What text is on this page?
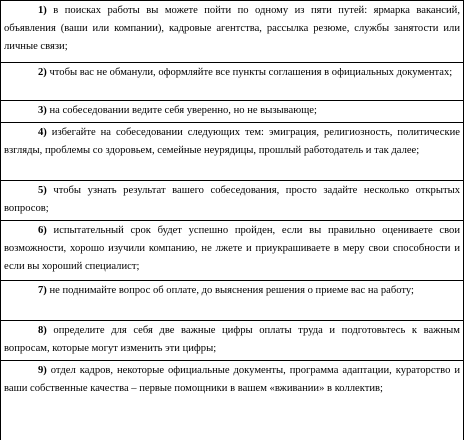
1) в поисках работы вы можете пойти по одному из пяти путей: ярмарка вакансий, объявления (ваши или компании), кадровые агентства, рассылка резюме, службы занятости или личные связи;
2) чтобы вас не обманули, оформляйте все пункты соглашения в официальных документах;
3) на собеседовании ведите себя уверенно, но не вызывающе;
4) избегайте на собеседовании следующих тем: эмиграция, религиозность, политические взгляды, проблемы со здоровьем, семейные неурядицы, прошлый работодатель и так далее;
5) чтобы узнать результат вашего собеседования, просто задайте несколько открытых вопросов;
6) испытательный срок будет успешно пройден, если вы правильно оцениваете свои возможности, хорошо изучили компанию, не лжете и приукрашиваете в меру свои способности и если вы хороший специалист;
7) не поднимайте вопрос об оплате, до выяснения решения о приеме вас на работу;
8) определите для себя две важные цифры оплаты труда и подготовьтесь к важным вопросам, которые могут изменить эти цифры;
9) отдел кадров, некоторые официальные документы, программа адаптации, кураторство и ваши собственные качества – первые помощники в вашем «вживании» в коллектив;
